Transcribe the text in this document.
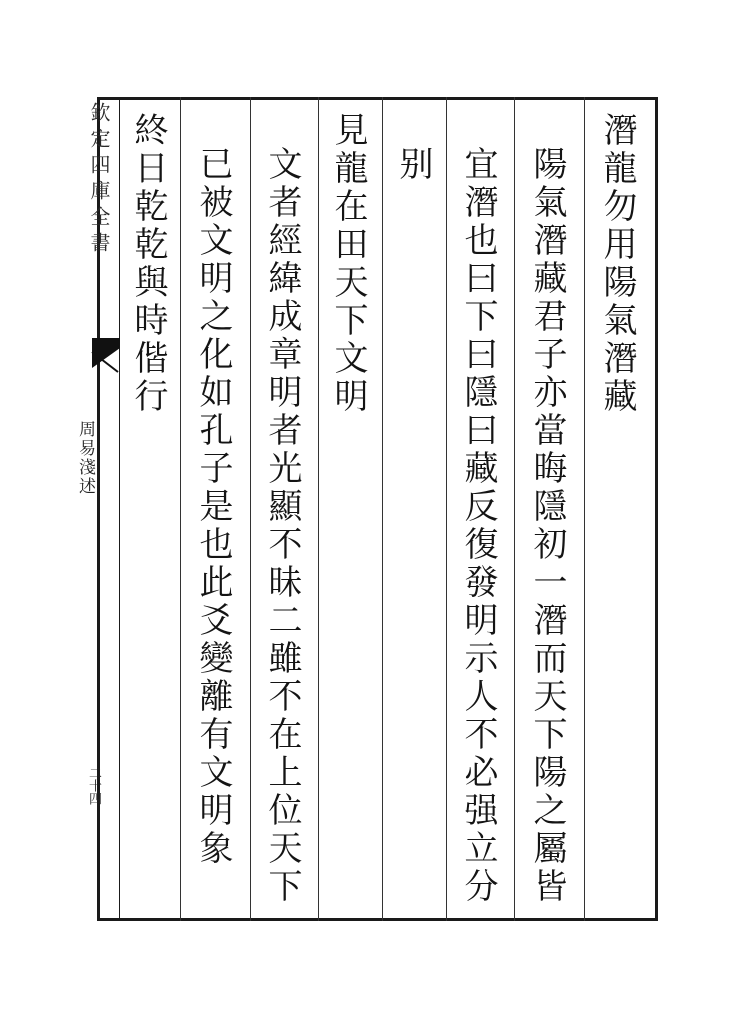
欽定四庫全書
周易淺述
二十四
潛龍勿用陽氣潛藏
陽氣潛藏君子亦當晦隱初一潛而天下陽之屬皆
宜潛也曰下曰隱曰藏反復發明示人不必强立分
别
見龍在田天下文明
文者經緯成章明者光顯不昧二雖不在上位天下
已被文明之化如孔子是也此爻變離有文明象
終日乾乾與時偕行
